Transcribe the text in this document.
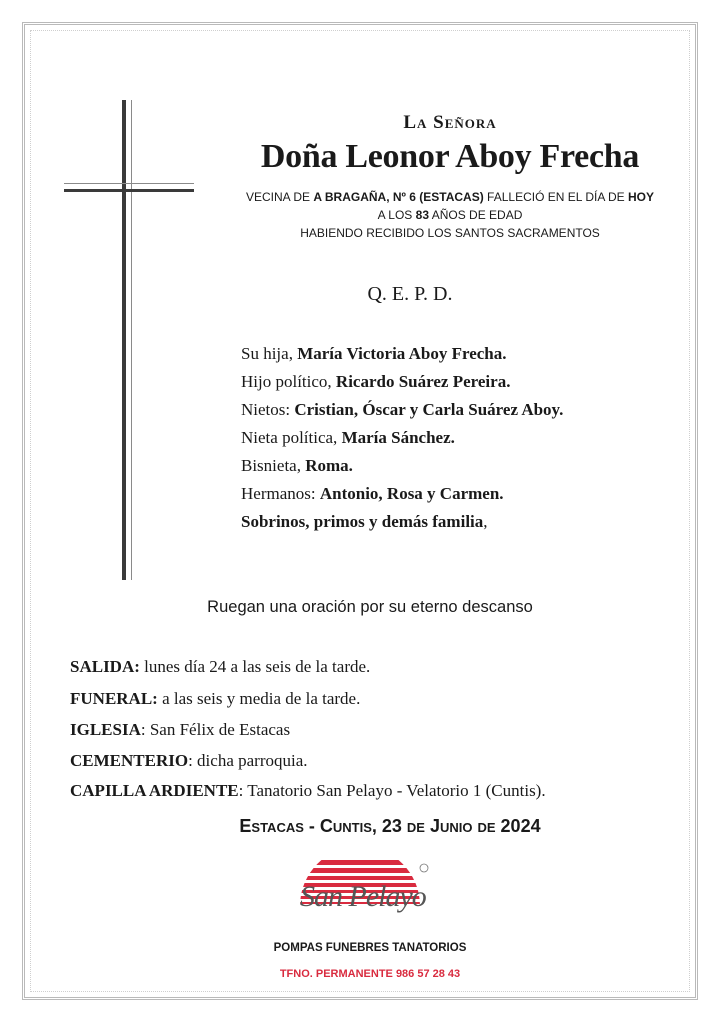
La Señora
Doña Leonor Aboy Frecha
VECINA DE A BRAGAÑA, Nº 6 (ESTACAS) FALLECIÓ EN EL DÍA DE HOY
A LOS 83 AÑOS DE EDAD
HABIENDO RECIBIDO LOS SANTOS SACRAMENTOS
Q. E. P. D.
Su hija, María Victoria Aboy Frecha.
Hijo político, Ricardo Suárez Pereira.
Nietos: Cristian, Óscar y Carla Suárez Aboy.
Nieta política, María Sánchez.
Bisnieta, Roma.
Hermanos: Antonio, Rosa y Carmen.
Sobrinos, primos y demás familia,
Ruegan una oración por su eterno descanso
SALIDA: lunes día 24 a las seis de la tarde.
FUNERAL: a las seis y media de la tarde.
IGLESIA: San Félix de Estacas
CEMENTERIO: dicha parroquia.
CAPILLA ARDIENTE: Tanatorio San Pelayo - Velatorio 1 (Cuntis).
Estacas - Cuntis, 23 de Junio de 2024
San Pelayo
POMPAS FUNEBRES TANATORIOS
TFNO. PERMANENTE 986 57 28 43
